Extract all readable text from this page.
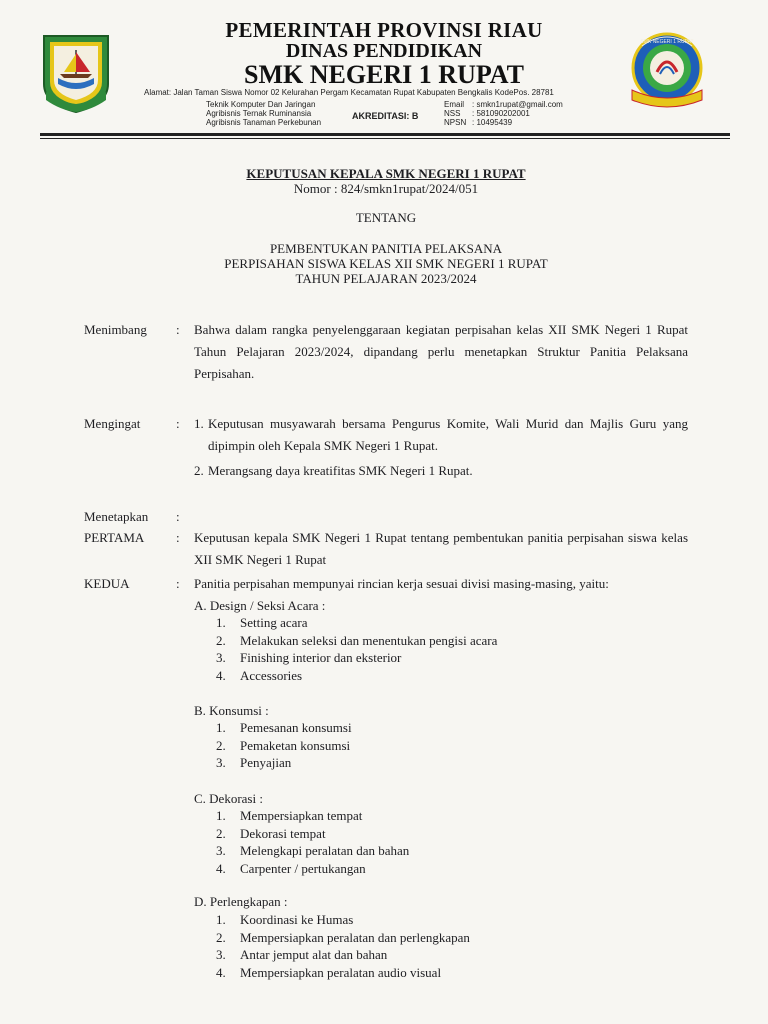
PEMERINTAH PROVINSI RIAU
DINAS PENDIDIKAN
SMK NEGERI 1 RUPAT
Alamat: Jalan Taman Siswa Nomor 02 Kelurahan Pergam Kecamatan Rupat Kabupaten Bengkalis KodePos. 28781
Teknik Komputer Dan Jaringan
Agribisnis Ternak Ruminansia
Agribisnis Tanaman Perkebunan
AKREDITASI: B
Email : smkn1rupat@gmail.com
NSS : 581090202001
NPSN : 10495439
SMK NEGERI 1 RUPAT
KEPUTUSAN KEPALA SMK NEGERI 1 RUPAT
Nomor : 824/smkn1rupat/2024/051
TENTANG
PEMBENTUKAN PANITIA PELAKSANA
PERPISAHAN SISWA KELAS XII SMK NEGERI 1 RUPAT
TAHUN PELAJARAN 2023/2024
Menimbang : Bahwa dalam rangka penyelenggaraan kegiatan perpisahan kelas XII SMK Negeri 1 Rupat Tahun Pelajaran 2023/2024, dipandang perlu menetapkan Struktur Panitia Pelaksana Perpisahan.
Mengingat	: 1. Keputusan musyawarah bersama Pengurus Komite, Wali Murid dan Majlis Guru yang dipimpin oleh Kepala SMK Negeri 1 Rupat.
2. Merangsang daya kreatifitas SMK Negeri 1 Rupat.
Menetapkan :
PERTAMA : Keputusan kepala SMK Negeri 1 Rupat tentang pembentukan panitia perpisahan siswa kelas XII SMK Negeri 1 Rupat
KEDUA	: Panitia perpisahan mempunyai rincian kerja sesuai divisi masing-masing, yaitu:
A. Design / Seksi Acara :
1. Setting acara
2. Melakukan seleksi dan menentukan pengisi acara
3. Finishing interior dan eksterior
4. Accessories
B. Konsumsi :
1. Pemesanan konsumsi
2. Pemaketan konsumsi
3. Penyajian
C. Dekorasi :
1. Mempersiapkan tempat
2. Dekorasi tempat
3. Melengkapi peralatan dan bahan
4. Carpenter / pertukangan
D. Perlengkapan :
1. Koordinasi ke Humas
2. Mempersiapkan peralatan dan perlengkapan
3. Antar jemput alat dan bahan
4. Mempersiapkan peralatan audio visual
